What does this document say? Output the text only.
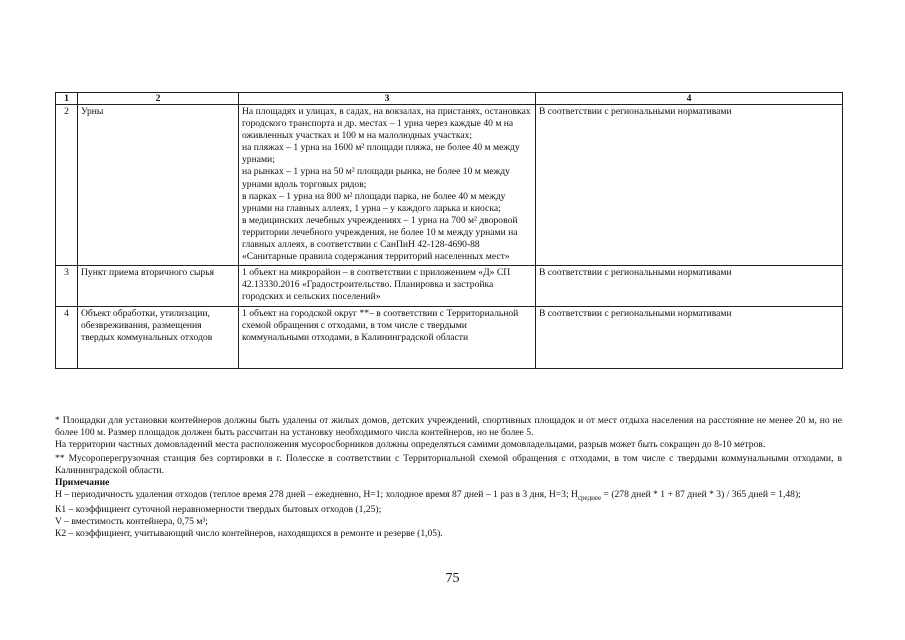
1	2	3	4
2	Урны	На площадях и улицах, в садах, на вокзалах, на пристанях, остановках городского транспорта и др. местах – 1 урна через каждые 40 м на оживленных участках и 100 м на малолюдных участках;
на пляжах – 1 урна на 1600 м² площади пляжа, не более 40 м между урнами;
на рынках – 1 урна на 50 м² площади рынка, не более 10 м между урнами вдоль торговых рядов;
в парках – 1 урна на 800 м² площади парка, не более 40 м между урнами на главных аллеях, 1 урна – у каждого ларька и киоска;
в медицинских лечебных учреждениях – 1 урна на 700 м² дворовой территории лечебного учреждения, не более 10 м между урнами на главных аллеях, в соответствии с СанПиН 42-128-4690-88 «Санитарные правила содержания территорий населенных мест»	В соответствии с региональными нормативами
3	Пункт приема вторичного сырья	1 объект на микрорайон – в соответствии с приложением «Д» СП 42.13330.2016 «Градостроительство. Планировка и застройка городских и сельских поселений»	В соответствии с региональными нормативами
4	Объект обработки, утилизации, обезвреживания, размещения твердых коммунальных отходов	1 объект на городской округ **– в соответствии с Территориальной схемой обращения с отходами, в том числе с твердыми коммунальными отходами, в Калининградской области	В соответствии с региональными нормативами

* Площадки для установки контейнеров должны быть удалены от жилых домов, детских учреждений, спортивных площадок и от мест отдыха населения на расстояние не менее 20 м, но не более 100 м. Размер площадок должен быть рассчитан на установку необходимого числа контейнеров, но не более 5.

На территории частных домовладений места расположения мусоросборников должны определяться самими домовладельцами, разрыв может быть сокращен до 8-10 метров.

** Мусороперегрузочная станция без сортировки в г. Полесске в соответствии с Территориальной схемой обращения с отходами, в том числе с твердыми коммунальными отходами, в Калининградской области.

Примечание

Н – периодичность удаления отходов (теплое время 278 дней – ежедневно, Н=1; холодное время 87 дней – 1 раз в 3 дня, Н=3; $Н_{среднее} = (278$ дней * 1 + 87 дней * 3) / 365 дней = 1,48);

К1 – коэффициент суточной неравномерности твердых бытовых отходов (1,25);

V – вместимость контейнера, 0,75 м³;

К2 – коэффициент, учитывающий число контейнеров, находящихся в ремонте и резерве (1,05).

75
